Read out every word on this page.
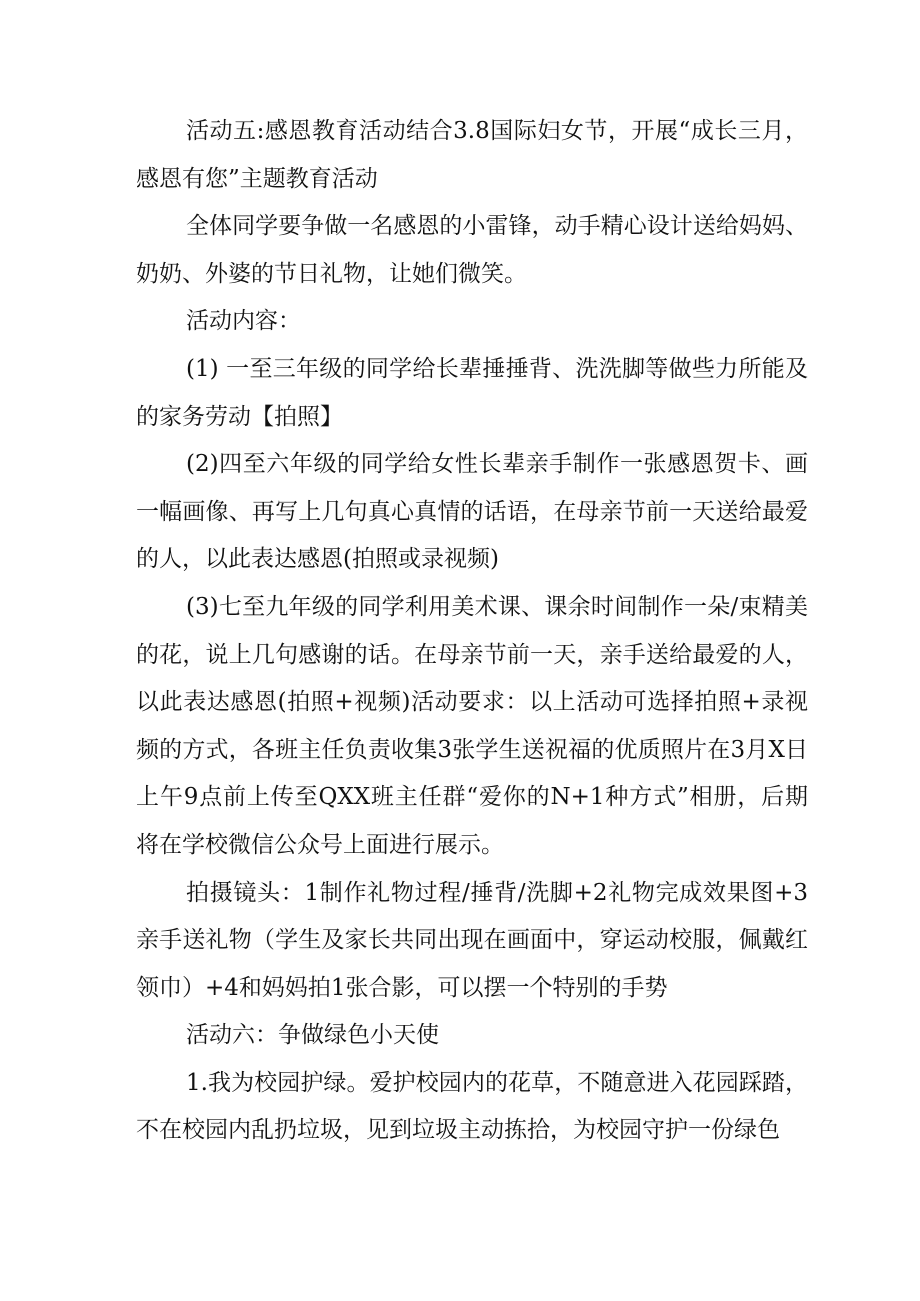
活动五:感恩教育活动结合3.8国际妇女节，开展“成长三月，感恩有您”主题教育活动

全体同学要争做一名感恩的小雷锋，动手精心设计送给妈妈、奶奶、外婆的节日礼物，让她们微笑。

活动内容：

(1) 一至三年级的同学给长辈捶捶背、洗洗脚等做些力所能及的家务劳动【拍照】

(2)四至六年级的同学给女性长辈亲手制作一张感恩贺卡、画一幅画像、再写上几句真心真情的话语，在母亲节前一天送给最爱的人，以此表达感恩(拍照或录视频)

(3)七至九年级的同学利用美术课、课余时间制作一朵/束精美的花，说上几句感谢的话。在母亲节前一天，亲手送给最爱的人，以此表达感恩(拍照+视频)活动要求：以上活动可选择拍照+录视频的方式，各班主任负责收集3张学生送祝福的优质照片在3月X日上午9点前上传至QXX班主任群“爱你的N+1种方式”相册，后期将在学校微信公众号上面进行展示。

拍摄镜头：1制作礼物过程/捶背/洗脚+2礼物完成效果图+3亲手送礼物（学生及家长共同出现在画面中，穿运动校服，佩戴红领巾）+4和妈妈拍1张合影，可以摆一个特别的手势

活动六：争做绿色小天使

1.我为校园护绿。爱护校园内的花草，不随意进入花园踩踏，不在校园内乱扔垃圾，见到垃圾主动拣拾，为校园守护一份绿色
